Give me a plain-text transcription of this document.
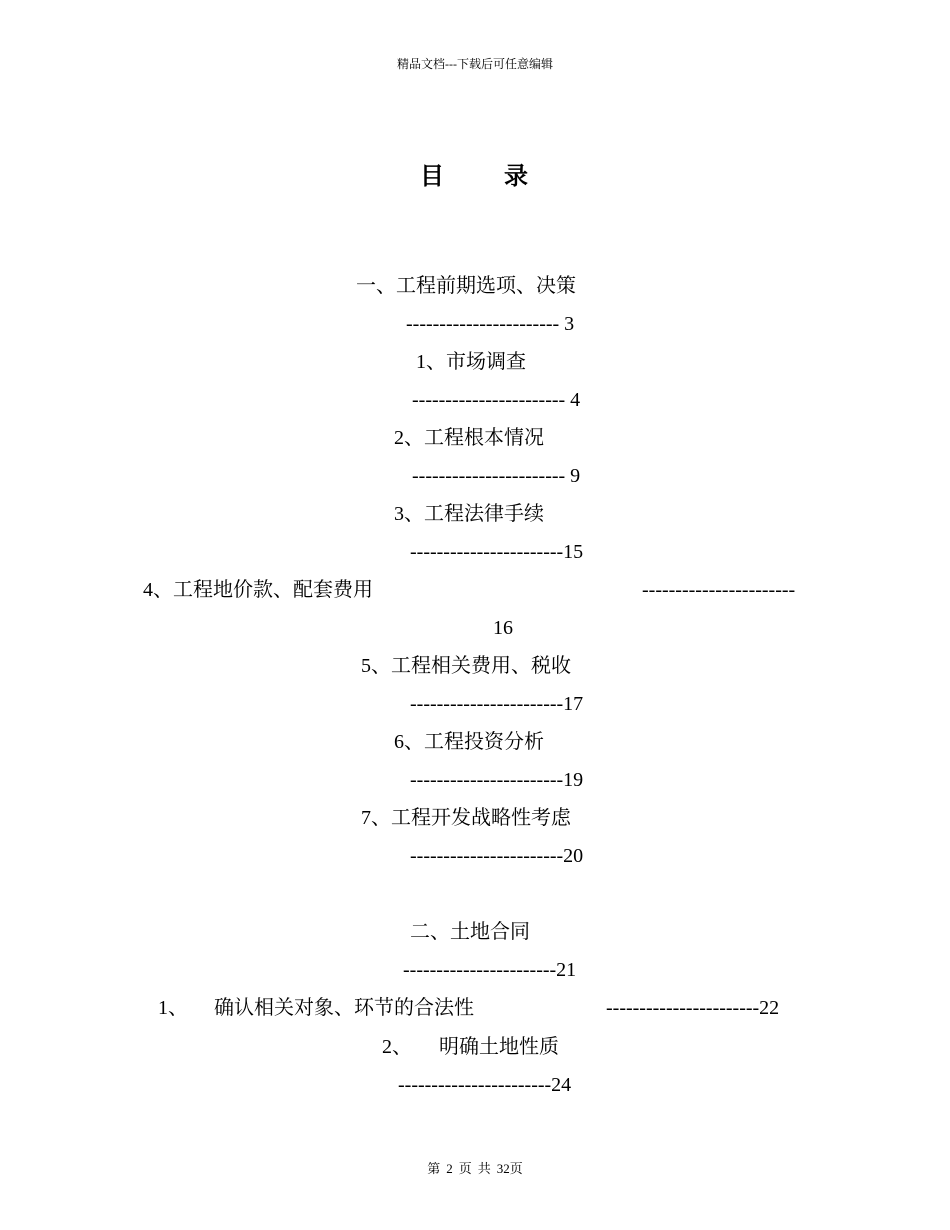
精品文档---下载后可任意编辑
目 录
一、工程前期选项、决策
----------------------- 3
1、市场调查
----------------------- 4
2、工程根本情况
----------------------- 9
3、工程法律手续
-----------------------15
4、工程地价款、配套费用	-----------------------
16
5、工程相关费用、税收
-----------------------17
6、工程投资分析
-----------------------19
7、工程开发战略性考虑
-----------------------20
二、土地合同
-----------------------21
1、 确认相关对象、环节的合法性	-----------------------22
2、 明确土地性质
-----------------------24
第 2 页 共 32页
